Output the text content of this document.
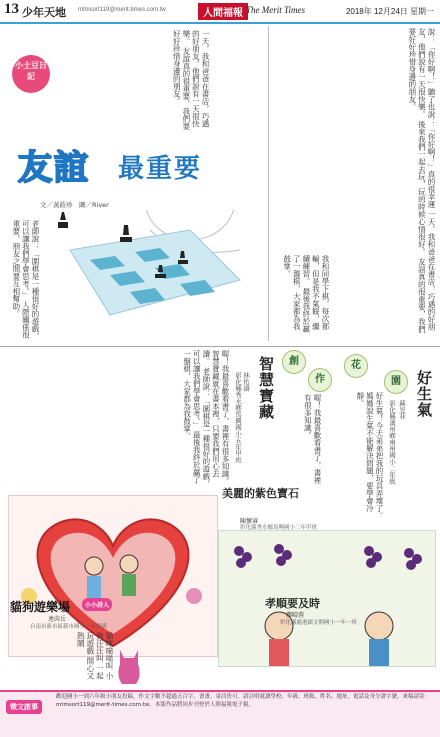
13 少年天地 mtmsort119@merit-times.com.tw	人間福報 The Merit Times	2018年 12月24日 星期一
小士豆日記
友誼 最重要
文／黃筱珍　圖／River	說：「你好啊！」聽了也說：「你好啊！」真的很幸運 一天，我和爸爸在書店，巧遇的好朋友，他們說有一天很快樂。 後來我們一起去玩，玩的時候心情很好。 友誼真的很重要，我們要好好珍惜身邊的朋友。
一天，我和爸爸在書店，巧遇的好朋友，他們說有一天很快樂。 友誼真的很重要，我們要好好珍惜身邊的朋友。
老師說：「圍棋是一種很好的遊戲，可以讓我們學會思考。」 人際關係很重要，朋友之間要互相幫助。	我和同學下棋，每次都輸，但是我不氣餒，繼續練習。 最後我終於贏了一盤棋，大家都為我鼓掌。
創
作
花
園 好生氣
蘇昱菲
彰化縣溪州鄉南州國小二年級
好生氣！今天弟弟把我的玩具弄壞了。 媽媽說生氣不能解決問題，要學會冷靜。
智慧寶藏
林佑濬
彰化縣秀水鄉馬興國小五年甲班	喔！我最喜歡看書了，書裡有很多知識。
喔！我最喜歡看書了，書裡有很多知識。 智慧寶藏就在書本裡，只要我們用心去讀。 老師說：「圍棋是一種很好的遊戲，可以讓我們學會思考。」 最後我終於贏了一盤棋，大家都為我鼓掌。
美麗的紫色寶石
陳懷睿
彰化縣秀水鄉馬興國小三年甲班
孝順要及時
鄭晴蓉
彰化縣鹿港鎮文開國小一年一班
貓狗遊樂場	小小詩人
連茵岳
台南市新市區新市國小一年甲班
貓咪喵喵叫 小狗汪汪叫 一起玩遊戲 開心又熱鬧
徵文啟事
歡迎國小一到六年級小朋友投稿，作文字數不超過五百字，畫畫、童詩皆可。請註明就讀學校、年級、班級、姓名、地址、電話及身分證字號。來稿請寄：mtmsort119@merit-times.com.tw。本版作品將同步刊登於人間福報電子報。
